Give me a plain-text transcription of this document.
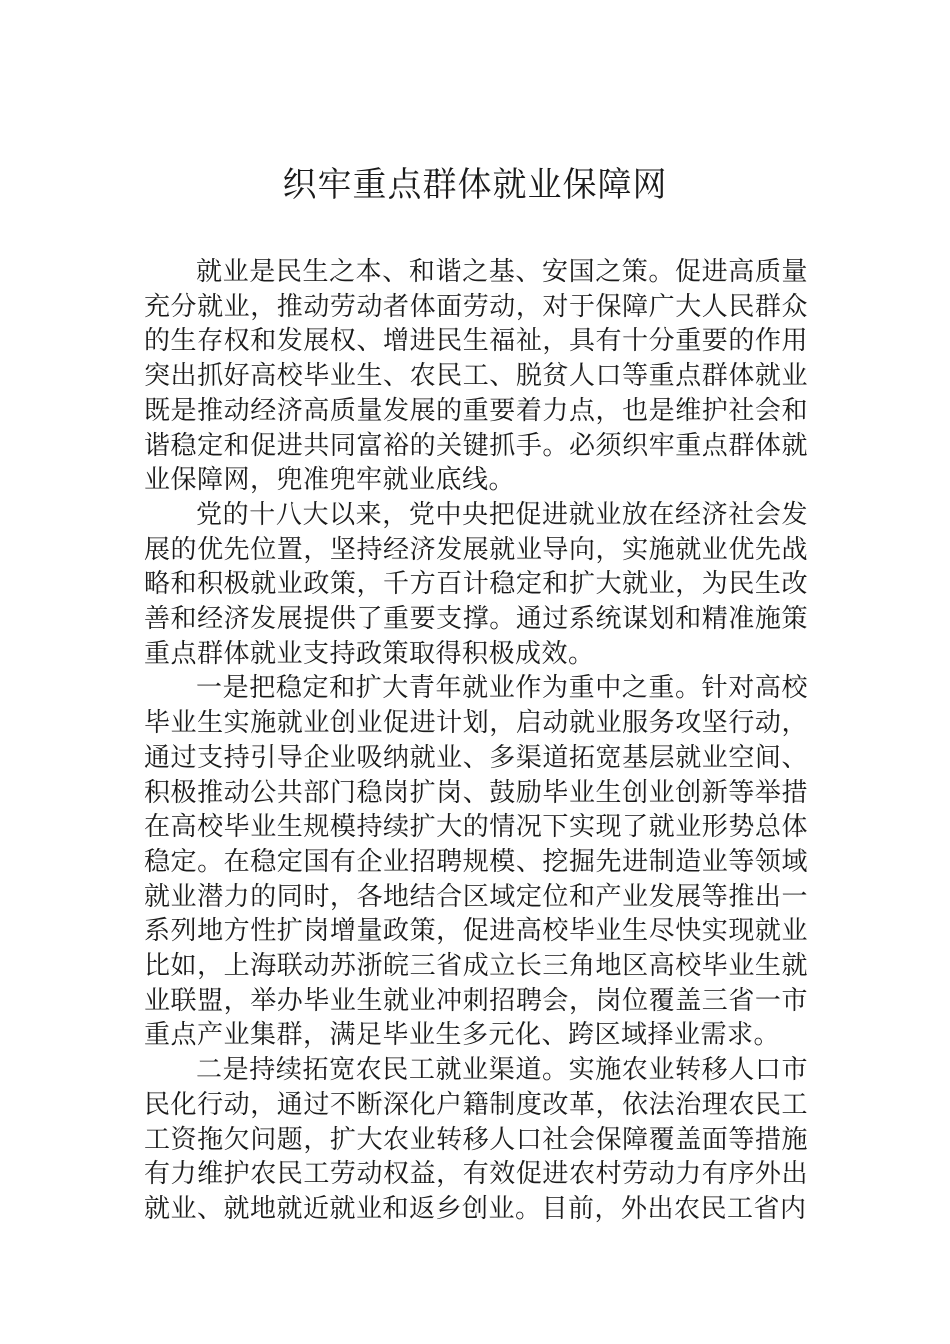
织牢重点群体就业保障网

就业是民生之本、和谐之基、安国之策。促进高质量充分就业，推动劳动者体面劳动，对于保障广大人民群众的生存权和发展权、增进民生福祉，具有十分重要的作用突出抓好高校毕业生、农民工、脱贫人口等重点群体就业既是推动经济高质量发展的重要着力点，也是维护社会和谐稳定和促进共同富裕的关键抓手。必须织牢重点群体就业保障网，兜准兜牢就业底线。

党的十八大以来，党中央把促进就业放在经济社会发展的优先位置，坚持经济发展就业导向，实施就业优先战略和积极就业政策，千方百计稳定和扩大就业，为民生改善和经济发展提供了重要支撑。通过系统谋划和精准施策重点群体就业支持政策取得积极成效。

一是把稳定和扩大青年就业作为重中之重。针对高校毕业生实施就业创业促进计划，启动就业服务攻坚行动，通过支持引导企业吸纳就业、多渠道拓宽基层就业空间、积极推动公共部门稳岗扩岗、鼓励毕业生创业创新等举措在高校毕业生规模持续扩大的情况下实现了就业形势总体稳定。在稳定国有企业招聘规模、挖掘先进制造业等领域就业潜力的同时，各地结合区域定位和产业发展等推出一系列地方性扩岗增量政策，促进高校毕业生尽快实现就业比如，上海联动苏浙皖三省成立长三角地区高校毕业生就业联盟，举办毕业生就业冲刺招聘会，岗位覆盖三省一市重点产业集群，满足毕业生多元化、跨区域择业需求。

二是持续拓宽农民工就业渠道。实施农业转移人口市民化行动，通过不断深化户籍制度改革，依法治理农民工工资拖欠问题，扩大农业转移人口社会保障覆盖面等措施有力维护农民工劳动权益，有效促进农村劳动力有序外出就业、就地就近就业和返乡创业。目前，外出农民工省内
